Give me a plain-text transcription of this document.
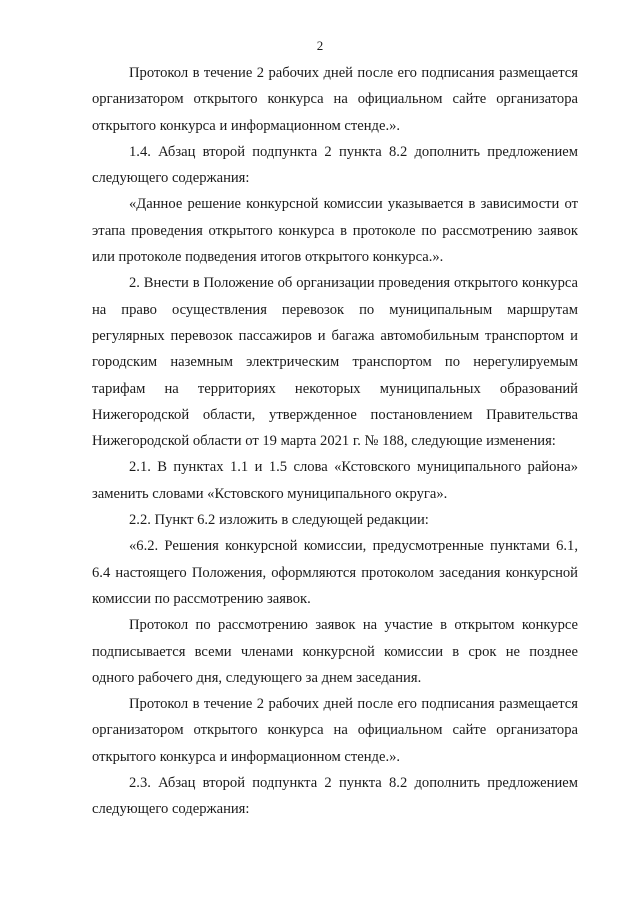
2

Протокол в течение 2 рабочих дней после его подписания размещается организатором открытого конкурса на официальном сайте организатора открытого конкурса и информационном стенде.».

1.4. Абзац второй подпункта 2 пункта 8.2 дополнить предложением следующего содержания:

«Данное решение конкурсной комиссии указывается в зависимости от этапа проведения открытого конкурса в протоколе по рассмотрению заявок или протоколе подведения итогов открытого конкурса.».

2. Внести в Положение об организации проведения открытого конкурса на право осуществления перевозок по муниципальным маршрутам регулярных перевозок пассажиров и багажа автомобильным транспортом и городским наземным электрическим транспортом по нерегулируемым тарифам на территориях некоторых муниципальных образований Нижегородской области, утвержденное постановлением Правительства Нижегородской области от 19 марта 2021 г. № 188, следующие изменения:

2.1. В пунктах 1.1 и 1.5 слова «Кстовского муниципального района» заменить словами «Кстовского муниципального округа».

2.2. Пункт 6.2 изложить в следующей редакции:

«6.2. Решения конкурсной комиссии, предусмотренные пунктами 6.1, 6.4 настоящего Положения, оформляются протоколом заседания конкурсной комиссии по рассмотрению заявок.

Протокол по рассмотрению заявок на участие в открытом конкурсе подписывается всеми членами конкурсной комиссии в срок не позднее одного рабочего дня, следующего за днем заседания.

Протокол в течение 2 рабочих дней после его подписания размещается организатором открытого конкурса на официальном сайте организатора открытого конкурса и информационном стенде.».

2.3. Абзац второй подпункта 2 пункта 8.2 дополнить предложением следующего содержания:
